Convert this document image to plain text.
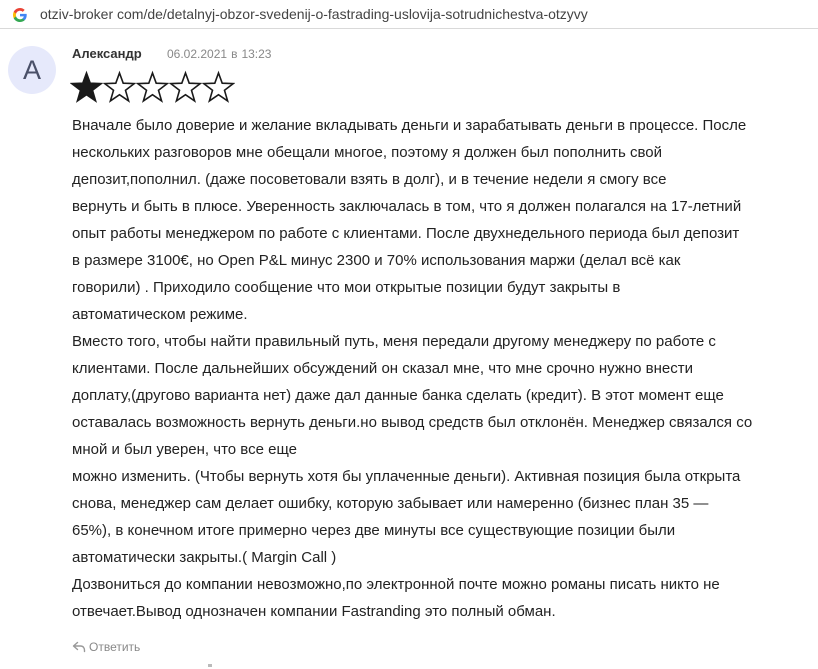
otziv-broker com/de/detalnyj-obzor-svedenij-o-fastrading-uslovija-sotrudnichestva-otzyvy
A
Александр 06.02.2021 в 13:23
Вначале было доверие и желание вкладывать деньги и зарабатывать деньги в процессе. После
нескольких разговоров мне обещали многое, поэтому я должен был пополнить свой
депозит,пополнил. (даже посоветовали взять в долг), и в течение недели я смогу все
вернуть и быть в плюсе. Уверенность заключалась в том, что я должен полагался на 17-летний
опыт работы менеджером по работе с клиентами. После двухнедельного периода был депозит
в размере 3100€, но Open P&L минус 2300 и 70% использования маржи (делал всё как
говорили) . Приходило сообщение что мои открытые позиции будут закрыты в
автоматическом режиме.
Вместо того, чтобы найти правильный путь, меня передали другому менеджеру по работе с
клиентами. После дальнейших обсуждений он сказал мне, что мне срочно нужно внести
доплату,(другово варианта нет) даже дал данные банка сделать (кредит). В этот момент еще
оставалась возможность вернуть деньги.но вывод средств был отклонён. Менеджер связался со
мной и был уверен, что все еще
можно изменить. (Чтобы вернуть хотя бы уплаченные деньги). Активная позиция была открыта
снова, менеджер сам делает ошибку, которую забывает или намеренно (бизнес план 35 —
65%), в конечном итоге примерно через две минуты все существующие позиции были
автоматически закрыты.( Margin Call )
Дозвониться до компании невозможно,по электронной почте можно романы писать никто не
отвечает.Вывод однозначен компании Fastranding это полный обман.
Ответить
